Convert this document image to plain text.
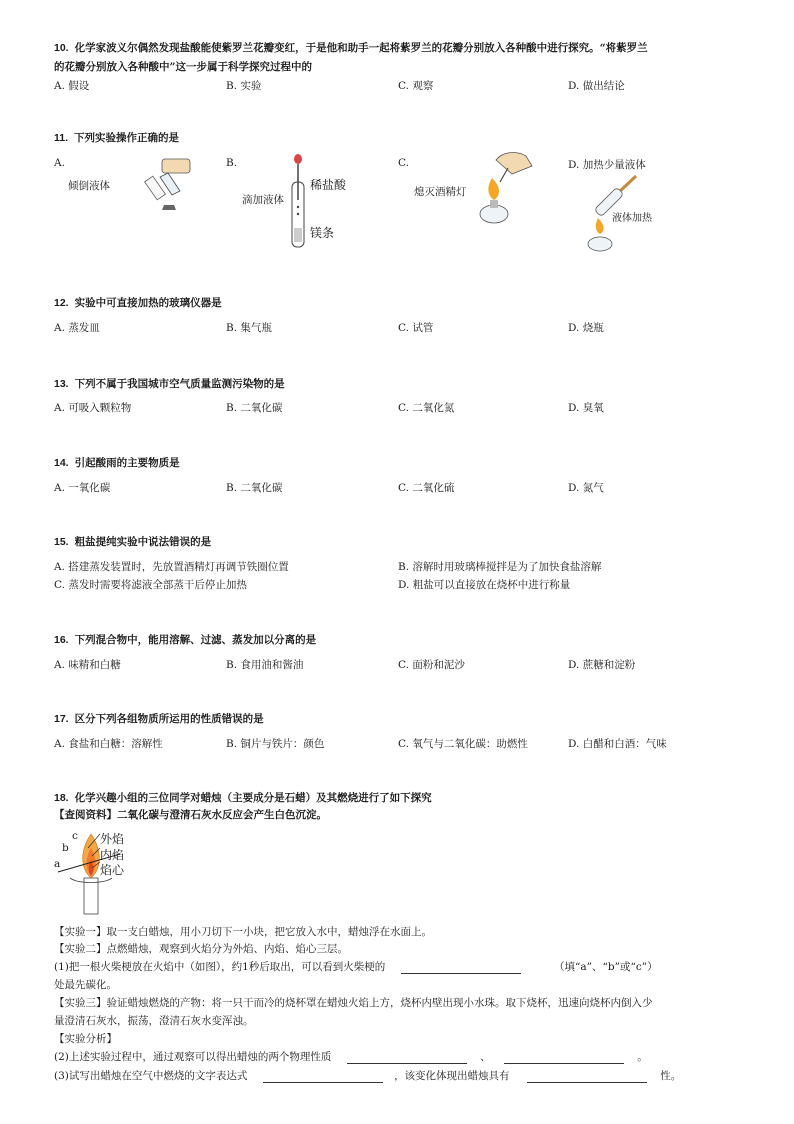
10. 化学家波义尔偶然发现盐酸能使紫罗兰花瓣变红，于是他和助手一起将紫罗兰的花瓣分别放入各种酸中进行探究。“将紫罗兰
的花瓣分别放入各种酸中”这一步属于科学探究过程中的
A. 假设	B. 实验	C. 观察	D. 做出结论
11. 下列实验操作正确的是
A.
倾倒液体
B.
滴加液体
稀盐酸
镁条
C.
熄灭酒精灯
D. 加热少量液体
液体加热
12. 实验中可直接加热的玻璃仪器是
A. 蒸发皿	B. 集气瓶	C. 试管	D. 烧瓶
13. 下列不属于我国城市空气质量监测污染物的是
A. 可吸入颗粒物	B. 二氧化碳	C. 二氧化氮	D. 臭氧
14. 引起酸雨的主要物质是
A. 一氧化碳	B. 二氧化碳	C. 二氧化硫	D. 氮气
15. 粗盐提纯实验中说法错误的是
A. 搭建蒸发装置时，先放置酒精灯再调节铁圈位置	B. 溶解时用玻璃棒搅拌是为了加快食盐溶解
C. 蒸发时需要将滤液全部蒸干后停止加热	D. 粗盐可以直接放在烧杯中进行称量
16. 下列混合物中，能用溶解、过滤、蒸发加以分离的是
A. 味精和白糖	B. 食用油和酱油	C. 面粉和泥沙	D. 蔗糖和淀粉
17. 区分下列各组物质所运用的性质错误的是
A. 食盐和白糖：溶解性	B. 铜片与铁片：颜色	C. 氧气与二氧化碳：助燃性	D. 白醋和白酒：气味
18. 化学兴趣小组的三位同学对蜡烛（主要成分是石蜡）及其燃烧进行了如下探究
【查阅资料】二氧化碳与澄清石灰水反应会产生白色沉淀。
c
b
a
外焰
内焰
焰心
【实验一】取一支白蜡烛，用小刀切下一小块，把它放入水中，蜡烛浮在水面上。
【实验二】点燃蜡烛，观察到火焰分为外焰、内焰、焰心三层。
(1)把一根火柴梗放在火焰中（如图），约1秒后取出，可以看到火柴梗的	（填“a”、“b”或“c”）
处最先碳化。
【实验三】验证蜡烛燃烧的产物：将一只干而冷的烧杯罩在蜡烛火焰上方，烧杯内壁出现小水珠。取下烧杯，迅速向烧杯内倒入少
量澄清石灰水，振荡，澄清石灰水变浑浊。
【实验分析】
(2)上述实验过程中，通过观察可以得出蜡烛的两个物理性质	、	。
(3)试写出蜡烛在空气中燃烧的文字表达式	，该变化体现出蜡烛具有	性。
